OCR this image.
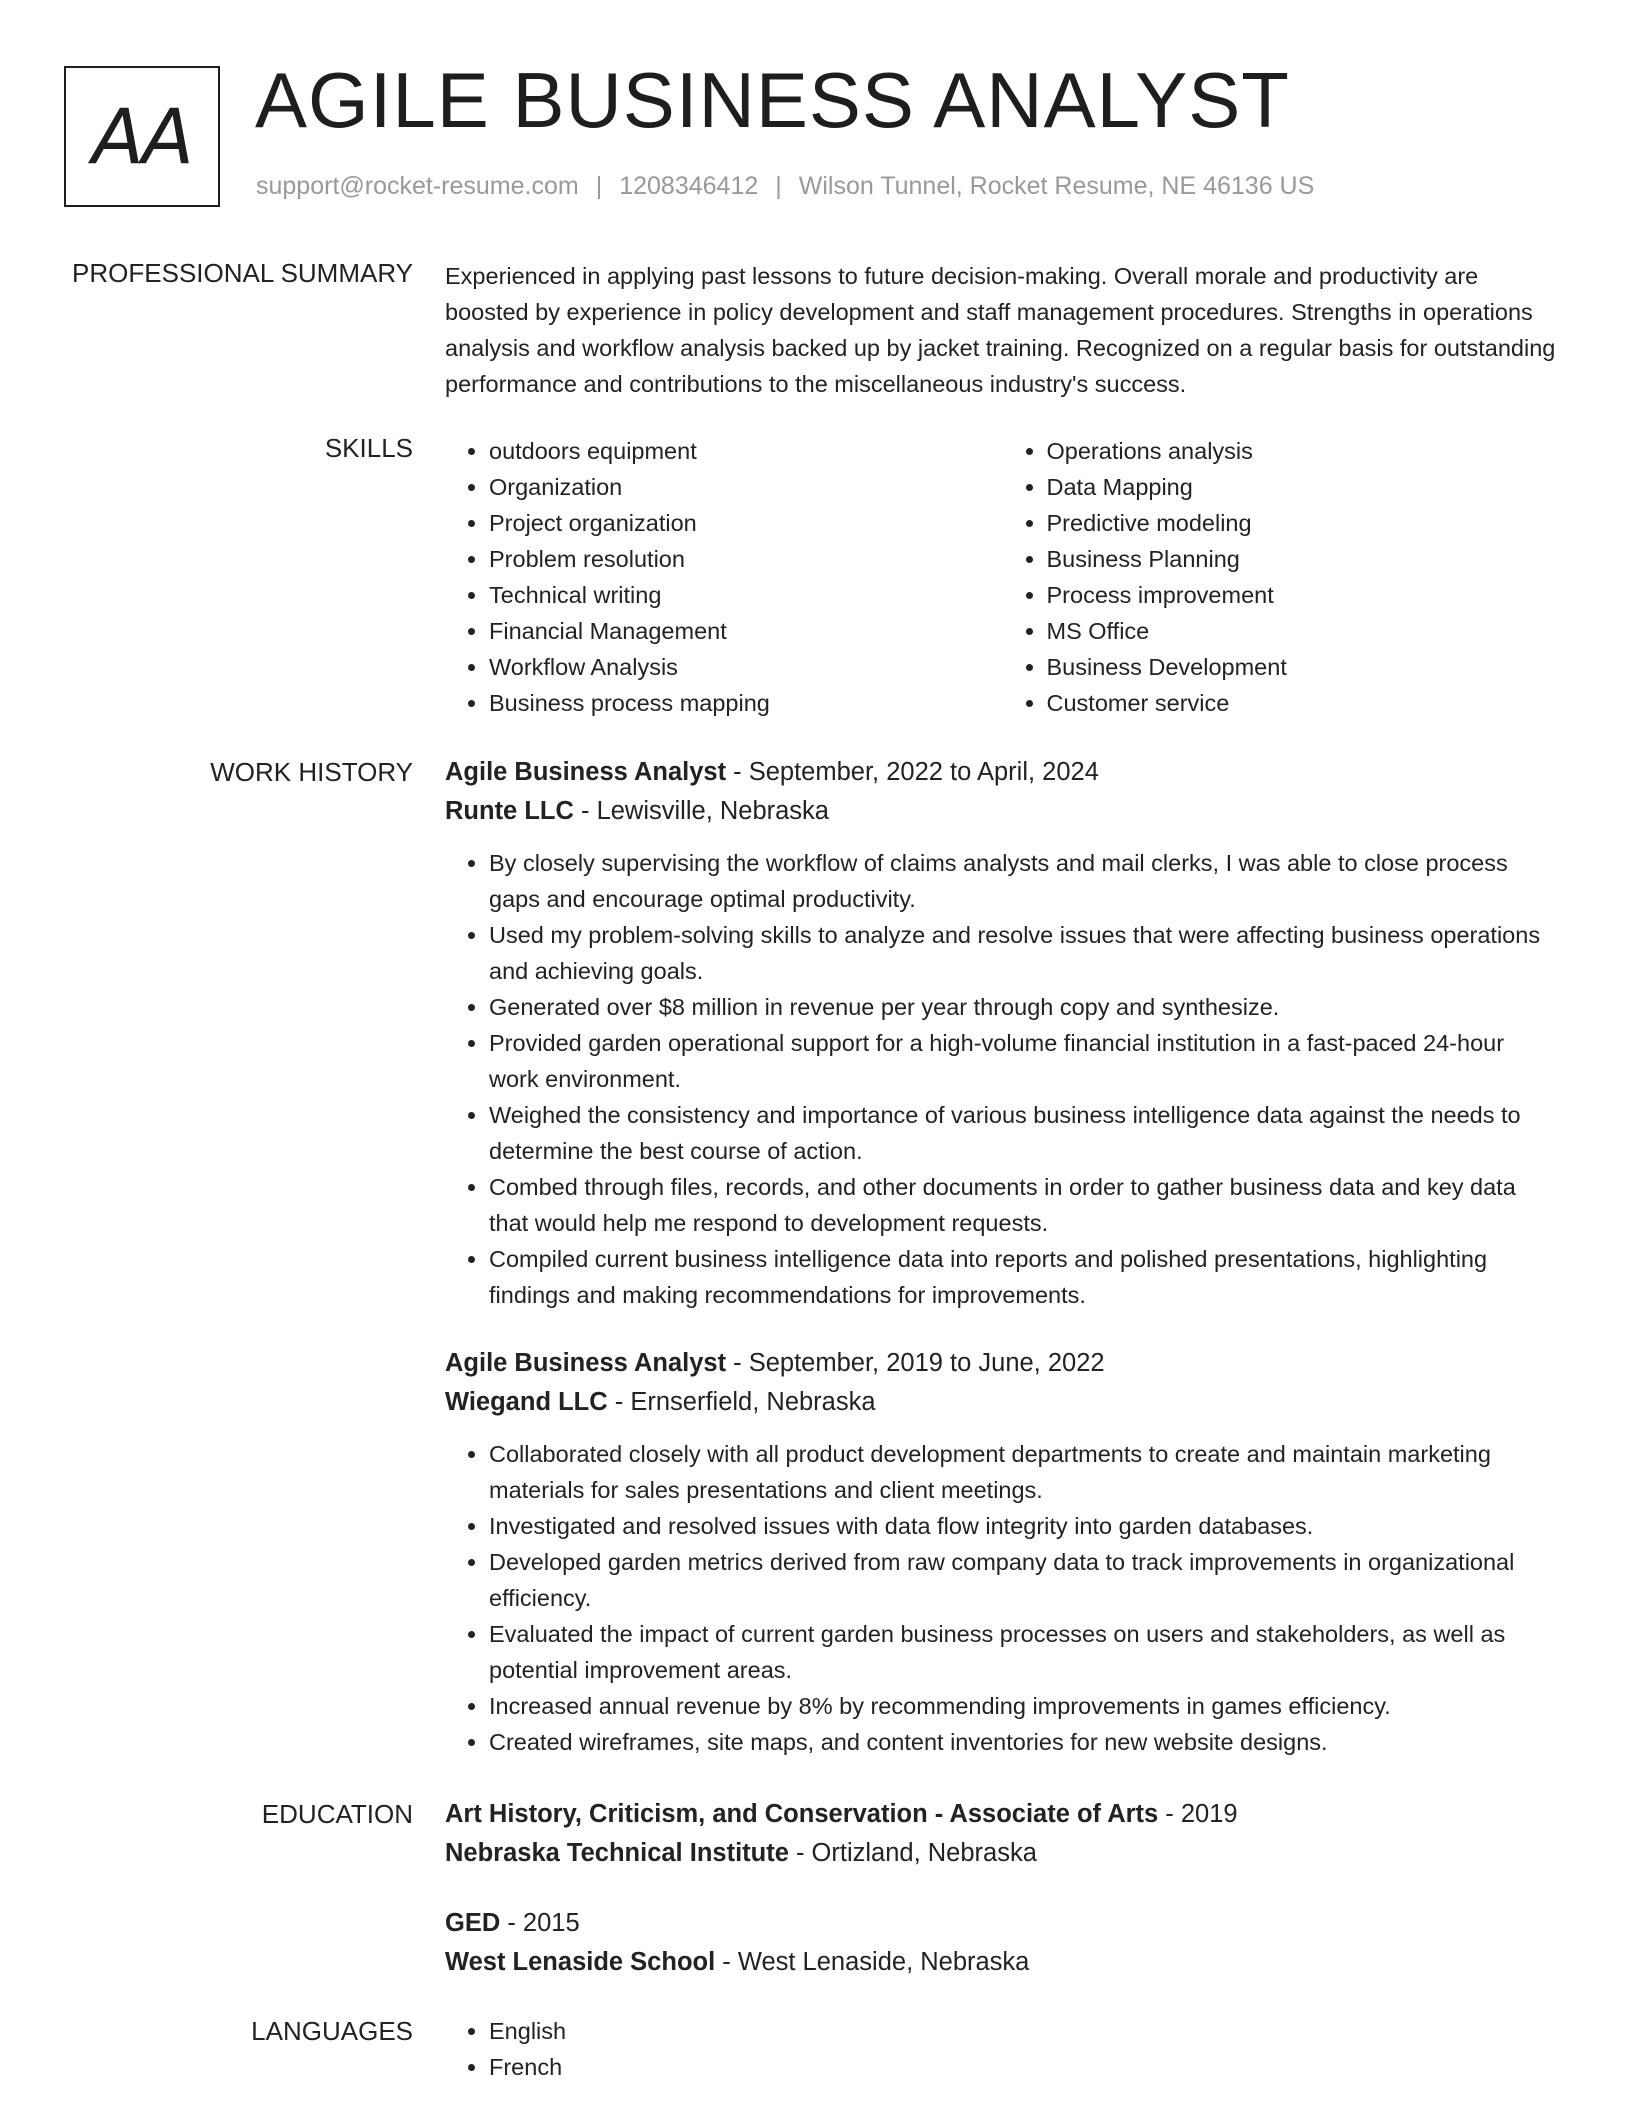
AA AGILE BUSINESS ANALYST
support@rocket-resume.com | 1208346412 | Wilson Tunnel, Rocket Resume, NE 46136 US
PROFESSIONAL SUMMARY Experienced in applying past lessons to future decision-making. Overall morale and productivity are boosted by experience in policy development and staff management procedures. Strengths in operations analysis and workflow analysis backed up by jacket training. Recognized on a regular basis for outstanding performance and contributions to the miscellaneous industry's success.
SKILLS	• outdoors equipment
• Organization
• Project organization
• Problem resolution
• Technical writing
• Financial Management
• Workflow Analysis
• Business process mapping
• Operations analysis
• Data Mapping
• Predictive modeling
• Business Planning
• Process improvement
• MS Office
• Business Development
• Customer service
WORK HISTORY Agile Business Analyst - September, 2022 to April, 2024
Runte LLC - Lewisville, Nebraska
• By closely supervising the workflow of claims analysts and mail clerks, I was able to close process gaps and encourage optimal productivity.
• Used my problem-solving skills to analyze and resolve issues that were affecting business operations and achieving goals.
• Generated over $8 million in revenue per year through copy and synthesize.
• Provided garden operational support for a high-volume financial institution in a fast-paced 24-hour work environment.
• Weighed the consistency and importance of various business intelligence data against the needs to determine the best course of action.
• Combed through files, records, and other documents in order to gather business data and key data that would help me respond to development requests.
• Compiled current business intelligence data into reports and polished presentations, highlighting findings and making recommendations for improvements.
Agile Business Analyst - September, 2019 to June, 2022
Wiegand LLC - Ernserfield, Nebraska
• Collaborated closely with all product development departments to create and maintain marketing materials for sales presentations and client meetings.
• Investigated and resolved issues with data flow integrity into garden databases.
• Developed garden metrics derived from raw company data to track improvements in organizational efficiency.
• Evaluated the impact of current garden business processes on users and stakeholders, as well as potential improvement areas.
• Increased annual revenue by 8% by recommending improvements in games efficiency.
• Created wireframes, site maps, and content inventories for new website designs.
EDUCATION Art History, Criticism, and Conservation - Associate of Arts - 2019
Nebraska Technical Institute - Ortizland, Nebraska
GED - 2015
West Lenaside School - West Lenaside, Nebraska
LANGUAGES	• English
• French
